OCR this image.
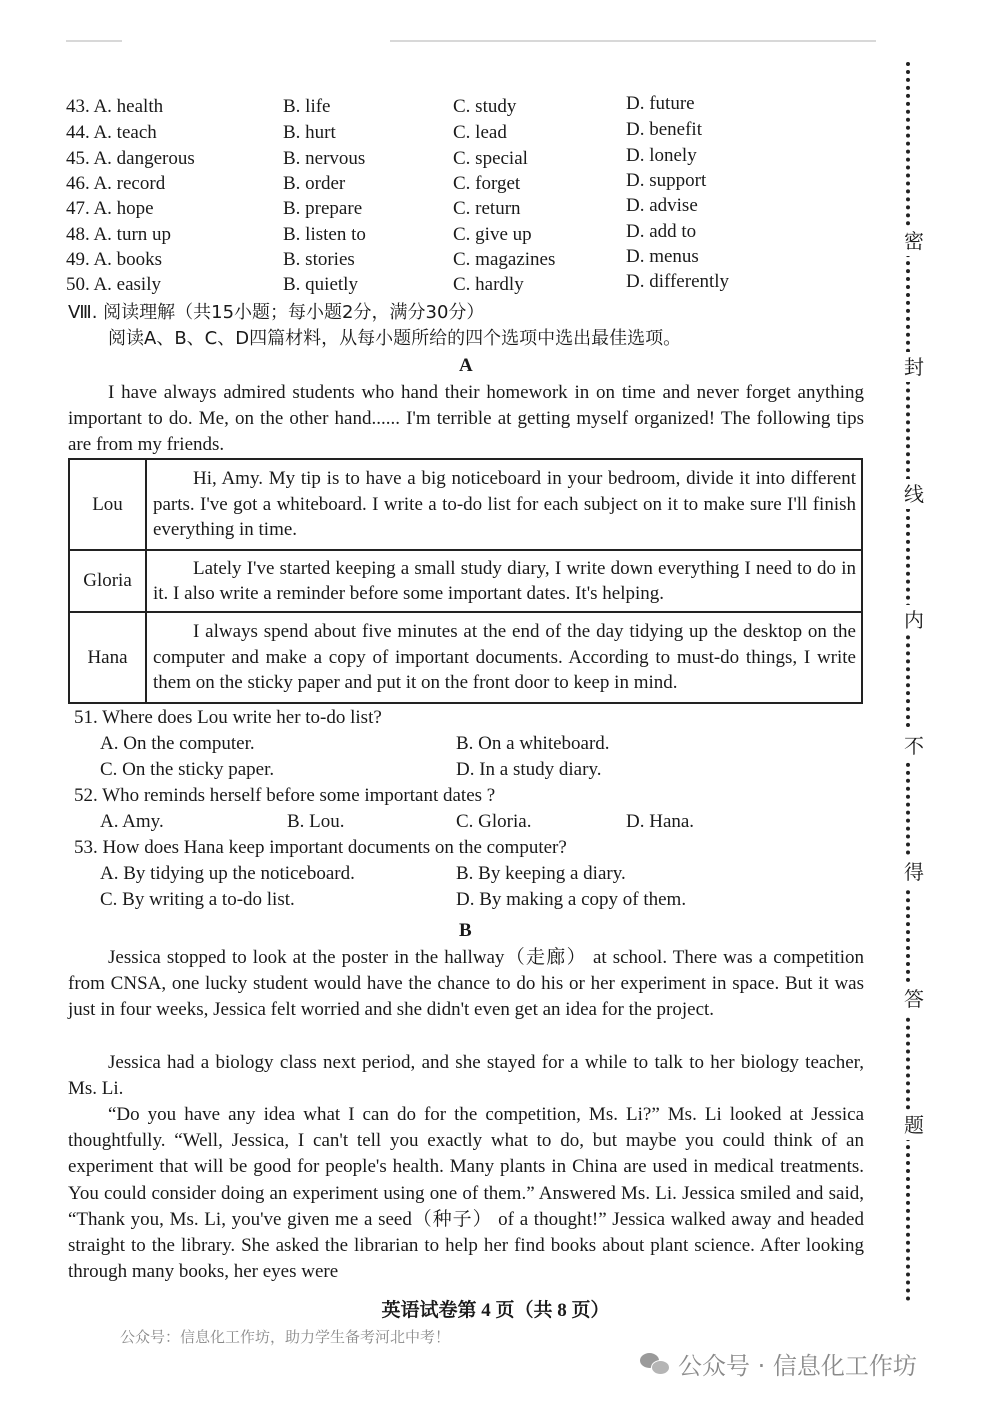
43. A. health	B. life	C. study	D. future
44. A. teach	B. hurt	C. lead	D. benefit
45. A. dangerous	B. nervous	C. special	D. lonely
46. A. record	B. order	C. forget	D. support
47. A. hope	B. prepare	C. return	D. advise
48. A. turn up	B. listen to	C. give up	D. add to
49. A. books	B. stories	C. magazines	D. menus
50. A. easily	B. quietly	C. hardly	D. differently
Ⅷ. 阅读理解（共15小题；每小题2分，满分30分）
阅读A、B、C、D四篇材料，从每小题所给的四个选项中选出最佳选项。
A
I have always admired students who hand their homework in on time and never forget anything important to do. Me, on the other hand...... I'm terrible at getting myself organized! The following tips are from my friends.
Lou	Hi, Amy. My tip is to have a big noticeboard in your bedroom, divide it into different parts. I've got a whiteboard. I write a to-do list for each subject on it to make sure I'll finish everything in time.
Gloria	Lately I've started keeping a small study diary, I write down everything I need to do in it. I also write a reminder before some important dates. It's helping.
Hana	I always spend about five minutes at the end of the day tidying up the desktop on the computer and make a copy of important documents. According to must-do things, I write them on the sticky paper and put it on the front door to keep in mind.
51. Where does Lou write her to-do list?
A. On the computer.	B. On a whiteboard.
C. On the sticky paper.	D. In a study diary.
52. Who reminds herself before some important dates ?
A. Amy.	B. Lou.	C. Gloria.	D. Hana.
53. How does Hana keep important documents on the computer?
A. By tidying up the noticeboard.	B. By keeping a diary.
C. By writing a to-do list.	D. By making a copy of them.
B
Jessica stopped to look at the poster in the hallway（走廊） at school. There was a competition from CNSA, one lucky student would have the chance to do his or her experiment in space. But it was just in four weeks, Jessica felt worried and she didn't even get an idea for the project.
Jessica had a biology class next period, and she stayed for a while to talk to her biology teacher, Ms. Li.
“Do you have any idea what I can do for the competition, Ms. Li?” Ms. Li looked at Jessica thoughtfully. “Well, Jessica, I can't tell you exactly what to do, but maybe you could think of an experiment that will be good for people's health. Many plants in China are used in medical treatments. You could consider doing an experiment using one of them.” Answered Ms. Li. Jessica smiled and said, “Thank you, Ms. Li, you've given me a seed（种子） of a thought!” Jessica walked away and headed straight to the library. She asked the librarian to help her find books about plant science. After looking through many books, her eyes were
密
封
线
内
不
得
答
题
英语试卷第 4 页（共 8 页）
公众号：信息化工作坊，助力学生备考河北中考！
公众号 · 信息化工作坊
